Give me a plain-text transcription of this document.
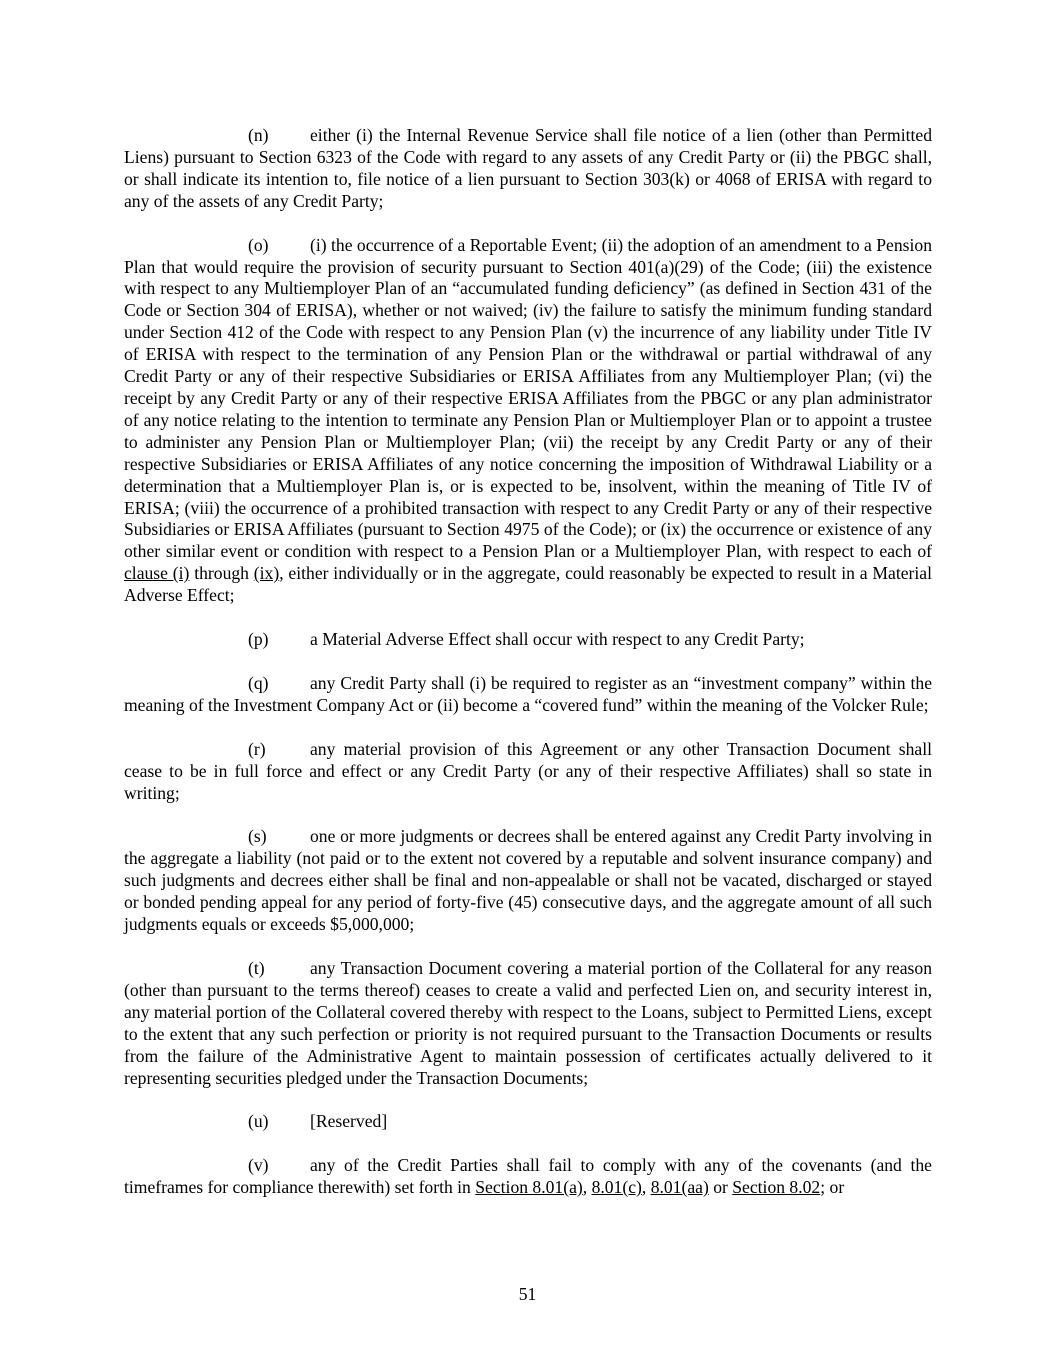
(n) either (i) the Internal Revenue Service shall file notice of a lien (other than Permitted Liens) pursuant to Section 6323 of the Code with regard to any assets of any Credit Party or (ii) the PBGC shall, or shall indicate its intention to, file notice of a lien pursuant to Section 303(k) or 4068 of ERISA with regard to any of the assets of any Credit Party;

(o) (i) the occurrence of a Reportable Event; (ii) the adoption of an amendment to a Pension Plan that would require the provision of security pursuant to Section 401(a)(29) of the Code; (iii) the existence with respect to any Multiemployer Plan of an “accumulated funding deficiency” (as defined in Section 431 of the Code or Section 304 of ERISA), whether or not waived; (iv) the failure to satisfy the minimum funding standard under Section 412 of the Code with respect to any Pension Plan (v) the incurrence of any liability under Title IV of ERISA with respect to the termination of any Pension Plan or the withdrawal or partial withdrawal of any Credit Party or any of their respective Subsidiaries or ERISA Affiliates from any Multiemployer Plan; (vi) the receipt by any Credit Party or any of their respective ERISA Affiliates from the PBGC or any plan administrator of any notice relating to the intention to terminate any Pension Plan or Multiemployer Plan or to appoint a trustee to administer any Pension Plan or Multiemployer Plan; (vii) the receipt by any Credit Party or any of their respective Subsidiaries or ERISA Affiliates of any notice concerning the imposition of Withdrawal Liability or a determination that a Multiemployer Plan is, or is expected to be, insolvent, within the meaning of Title IV of ERISA; (viii) the occurrence of a prohibited transaction with respect to any Credit Party or any of their respective Subsidiaries or ERISA Affiliates (pursuant to Section 4975 of the Code); or (ix) the occurrence or existence of any other similar event or condition with respect to a Pension Plan or a Multiemployer Plan, with respect to each of clause (i) through (ix), either individually or in the aggregate, could reasonably be expected to result in a Material Adverse Effect;

(p) a Material Adverse Effect shall occur with respect to any Credit Party;

(q) any Credit Party shall (i) be required to register as an “investment company” within the meaning of the Investment Company Act or (ii) become a “covered fund” within the meaning of the Volcker Rule;

(r)	any material provision of this Agreement or any other Transaction Document shall cease to be in full force and effect or any Credit Party (or any of their respective Affiliates) shall so state in writing;

(s) one or more judgments or decrees shall be entered against any Credit Party involving in the aggregate a liability (not paid or to the extent not covered by a reputable and solvent insurance company) and such judgments and decrees either shall be final and non-appealable or shall not be vacated, discharged or stayed or bonded pending appeal for any period of forty-five (45) consecutive days, and the aggregate amount of all such judgments equals or exceeds $5,000,000;

(t)	any Transaction Document covering a material portion of the Collateral for any reason (other than pursuant to the terms thereof) ceases to create a valid and perfected Lien on, and security interest in, any material portion of the Collateral covered thereby with respect to the Loans, subject to Permitted Liens, except to the extent that any such perfection or priority is not required pursuant to the Transaction Documents or results from the failure of the Administrative Agent to maintain possession of certificates actually delivered to it representing securities pledged under the Transaction Documents;

(u) [Reserved]

(v) any of the Credit Parties shall fail to comply with any of the covenants (and the timeframes for compliance therewith) set forth in Section 8.01(a), 8.01(c), 8.01(aa) or Section 8.02; or

51
